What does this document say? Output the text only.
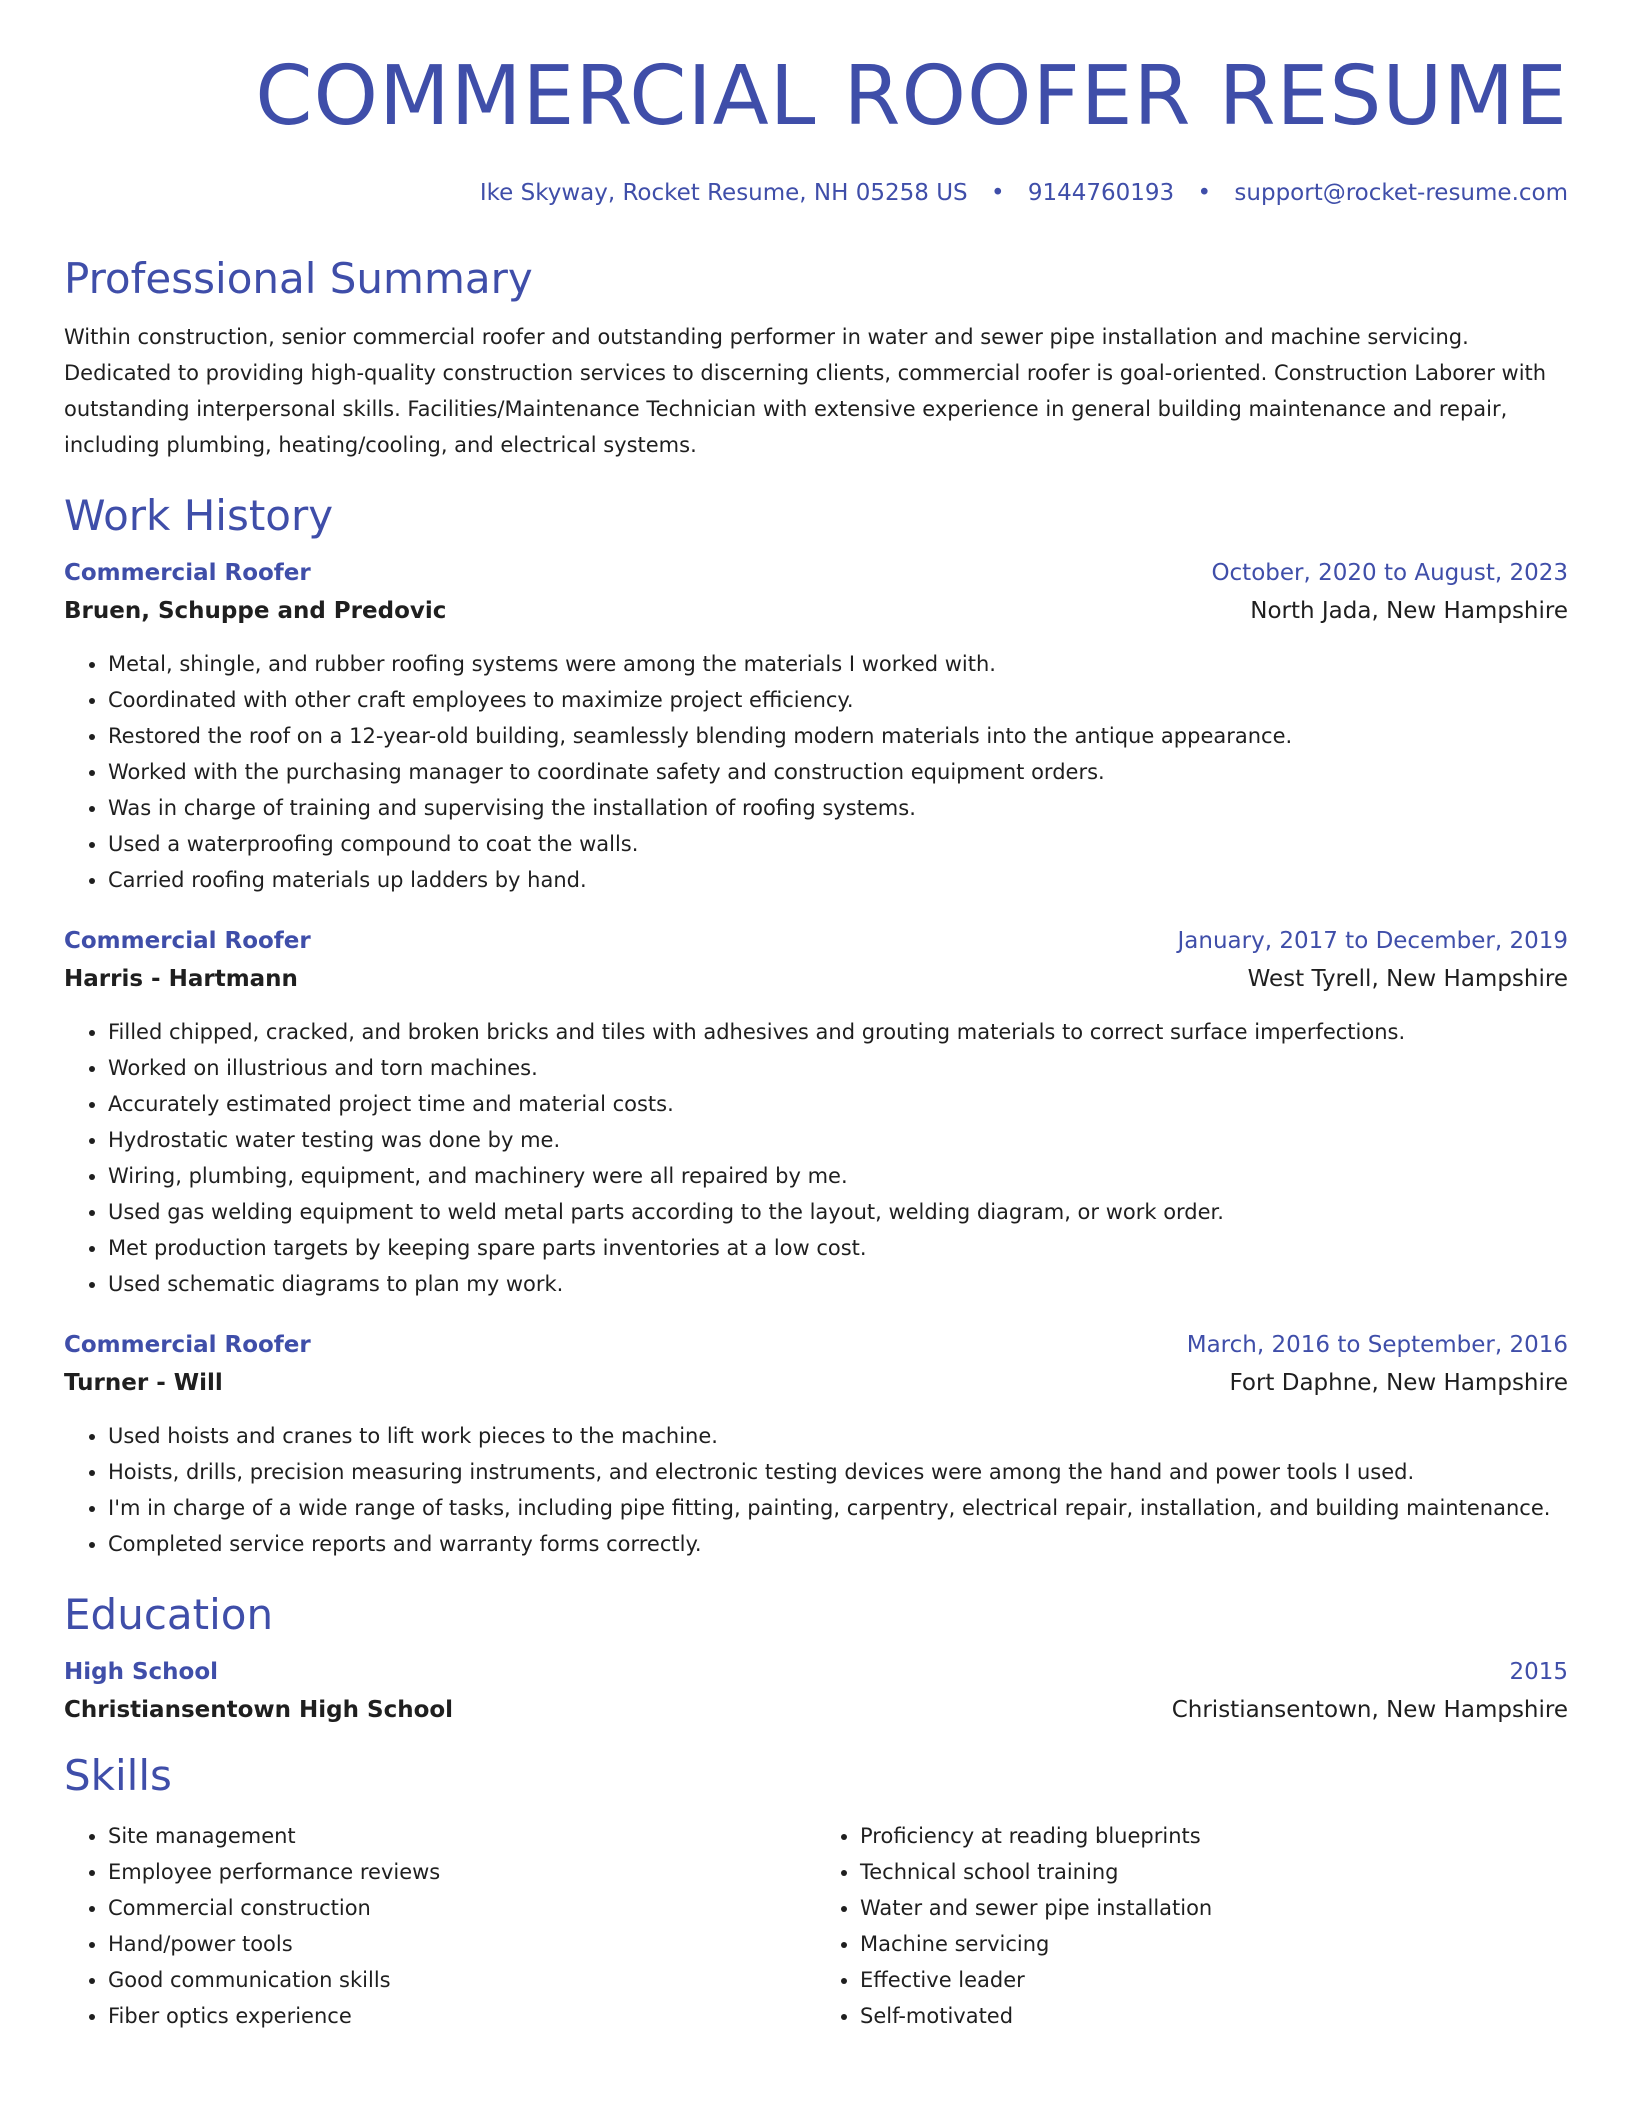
COMMERCIAL ROOFER RESUME
Ike Skyway, Rocket Resume, NH 05258 US • 9144760193 • support@rocket-resume.com
Professional Summary
Within construction, senior commercial roofer and outstanding performer in water and sewer pipe installation and machine servicing. Dedicated to providing high-quality construction services to discerning clients, commercial roofer is goal-oriented. Construction Laborer with outstanding interpersonal skills. Facilities/Maintenance Technician with extensive experience in general building maintenance and repair, including plumbing, heating/cooling, and electrical systems.
Work History
Commercial Roofer	October, 2020 to August, 2023
Bruen, Schuppe and Predovic	North Jada, New Hampshire
• Metal, shingle, and rubber roofing systems were among the materials I worked with.
• Coordinated with other craft employees to maximize project efficiency.
• Restored the roof on a 12-year-old building, seamlessly blending modern materials into the antique appearance.
• Worked with the purchasing manager to coordinate safety and construction equipment orders.
• Was in charge of training and supervising the installation of roofing systems.
• Used a waterproofing compound to coat the walls.
• Carried roofing materials up ladders by hand.
Commercial Roofer	January, 2017 to December, 2019
Harris - Hartmann	West Tyrell, New Hampshire
• Filled chipped, cracked, and broken bricks and tiles with adhesives and grouting materials to correct surface imperfections.
• Worked on illustrious and torn machines.
• Accurately estimated project time and material costs.
• Hydrostatic water testing was done by me.
• Wiring, plumbing, equipment, and machinery were all repaired by me.
• Used gas welding equipment to weld metal parts according to the layout, welding diagram, or work order.
• Met production targets by keeping spare parts inventories at a low cost.
• Used schematic diagrams to plan my work.
Commercial Roofer	March, 2016 to September, 2016
Turner - Will	Fort Daphne, New Hampshire
• Used hoists and cranes to lift work pieces to the machine.
• Hoists, drills, precision measuring instruments, and electronic testing devices were among the hand and power tools I used.
• I'm in charge of a wide range of tasks, including pipe fitting, painting, carpentry, electrical repair, installation, and building maintenance.
• Completed service reports and warranty forms correctly.
Education
High School	2015
Christiansentown High School	Christiansentown, New Hampshire
Skills
• Site management
• Employee performance reviews
• Commercial construction
• Hand/power tools
• Good communication skills
• Fiber optics experience
• Proficiency at reading blueprints
• Technical school training
• Water and sewer pipe installation
• Machine servicing
• Effective leader
• Self-motivated
